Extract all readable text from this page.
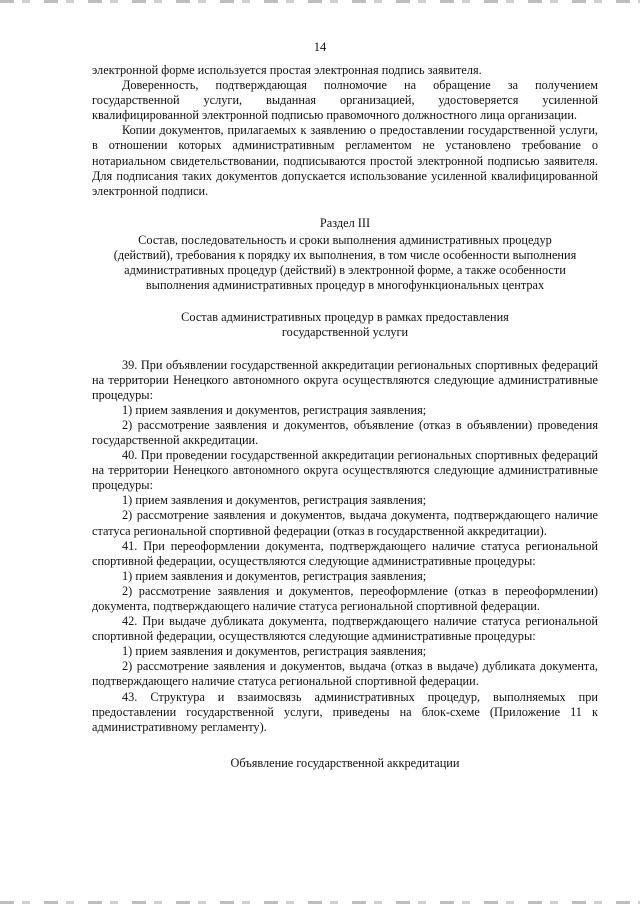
14

электронной форме используется простая электронная подпись заявителя.

Доверенность, подтверждающая полномочие на обращение за получением государственной услуги, выданная организацией, удостоверяется усиленной квалифицированной электронной подписью правомочного должностного лица организации.

Копии документов, прилагаемых к заявлению о предоставлении государственной услуги, в отношении которых административным регламентом не установлено требование о нотариальном свидетельствовании, подписываются простой электронной подписью заявителя. Для подписания таких документов допускается использование усиленной квалифицированной электронной подписи.

Раздел III

Состав, последовательность и сроки выполнения административных процедур (действий), требования к порядку их выполнения, в том числе особенности выполнения административных процедур (действий) в электронной форме, а также особенности выполнения административных процедур в многофункциональных центрах

Состав административных процедур в рамках предоставления государственной услуги

39. При объявлении государственной аккредитации региональных спортивных федераций на территории Ненецкого автономного округа осуществляются следующие административные процедуры:

1) прием заявления и документов, регистрация заявления;

2) рассмотрение заявления и документов, объявление (отказ в объявлении) проведения государственной аккредитации.

40. При проведении государственной аккредитации региональных спортивных федераций на территории Ненецкого автономного округа осуществляются следующие административные процедуры:

1) прием заявления и документов, регистрация заявления;

2) рассмотрение заявления и документов, выдача документа, подтверждающего наличие статуса региональной спортивной федерации (отказ в государственной аккредитации).

41. При переоформлении документа, подтверждающего наличие статуса региональной спортивной федерации, осуществляются следующие административные процедуры:

1) прием заявления и документов, регистрация заявления;

2) рассмотрение заявления и документов, переоформление (отказ в переоформлении) документа, подтверждающего наличие статуса региональной спортивной федерации.

42. При выдаче дубликата документа, подтверждающего наличие статуса региональной спортивной федерации, осуществляются следующие административные процедуры:

1) прием заявления и документов, регистрация заявления;

2) рассмотрение заявления и документов, выдача (отказ в выдаче) дубликата документа, подтверждающего наличие статуса региональной спортивной федерации.

43. Структура и взаимосвязь административных процедур, выполняемых при предоставлении государственной услуги, приведены на блок-схеме (Приложение 11 к административному регламенту).

Объявление государственной аккредитации
